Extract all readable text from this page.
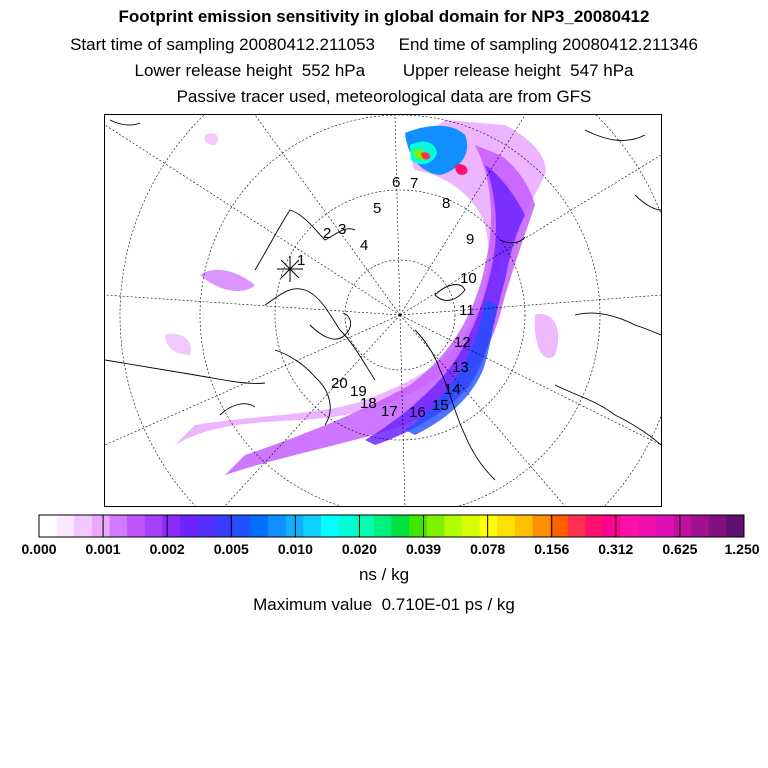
Footprint emission sensitivity in global domain for NP3_20080412
Start time of sampling 20080412.211053     End time of sampling 20080412.211346
Lower release height  552 hPa        Upper release height  547 hPa
Passive tracer used, meteorological data are from GFS
1
2 3
4
5
6 7
8
9
10
11
12
13
14
15
16
17
18
19
20
0.000 0.001 0.002 0.005 0.010 0.020 0.039 0.078 0.156 0.312 0.625 1.250
ns / kg
Maximum value  0.710E-01 ps / kg
